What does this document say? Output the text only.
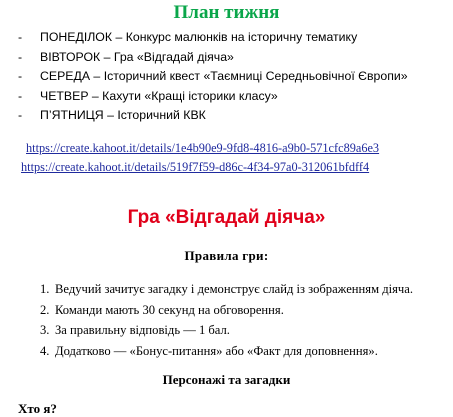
План тижня
- ПОНЕДІЛОК – Конкурс малюнків на історичну тематику
- ВІВТОРОК – Гра «Відгадай діяча»
- СЕРЕДА – Історичний квест «Таємниці Середньовічної Європи»
- ЧЕТВЕР – Кахути «Кращі історики класу»
- П’ЯТНИЦЯ – Історичний КВК
https://create.kahoot.it/details/1e4b90e9-9fd8-4816-a9b0-571cfc89a6e3
https://create.kahoot.it/details/519f7f59-d86c-4f34-97a0-312061bfdff4
Гра «Відгадай діяча»
Правила гри:
1. Ведучий зачитує загадку і демонструє слайд із зображенням діяча.
2. Команди мають 30 секунд на обговорення.
3. За правильну відповідь — 1 бал.
4. Додатково — «Бонус-питання» або «Факт для доповнення».
Персонажі та загадки
Хто я?
